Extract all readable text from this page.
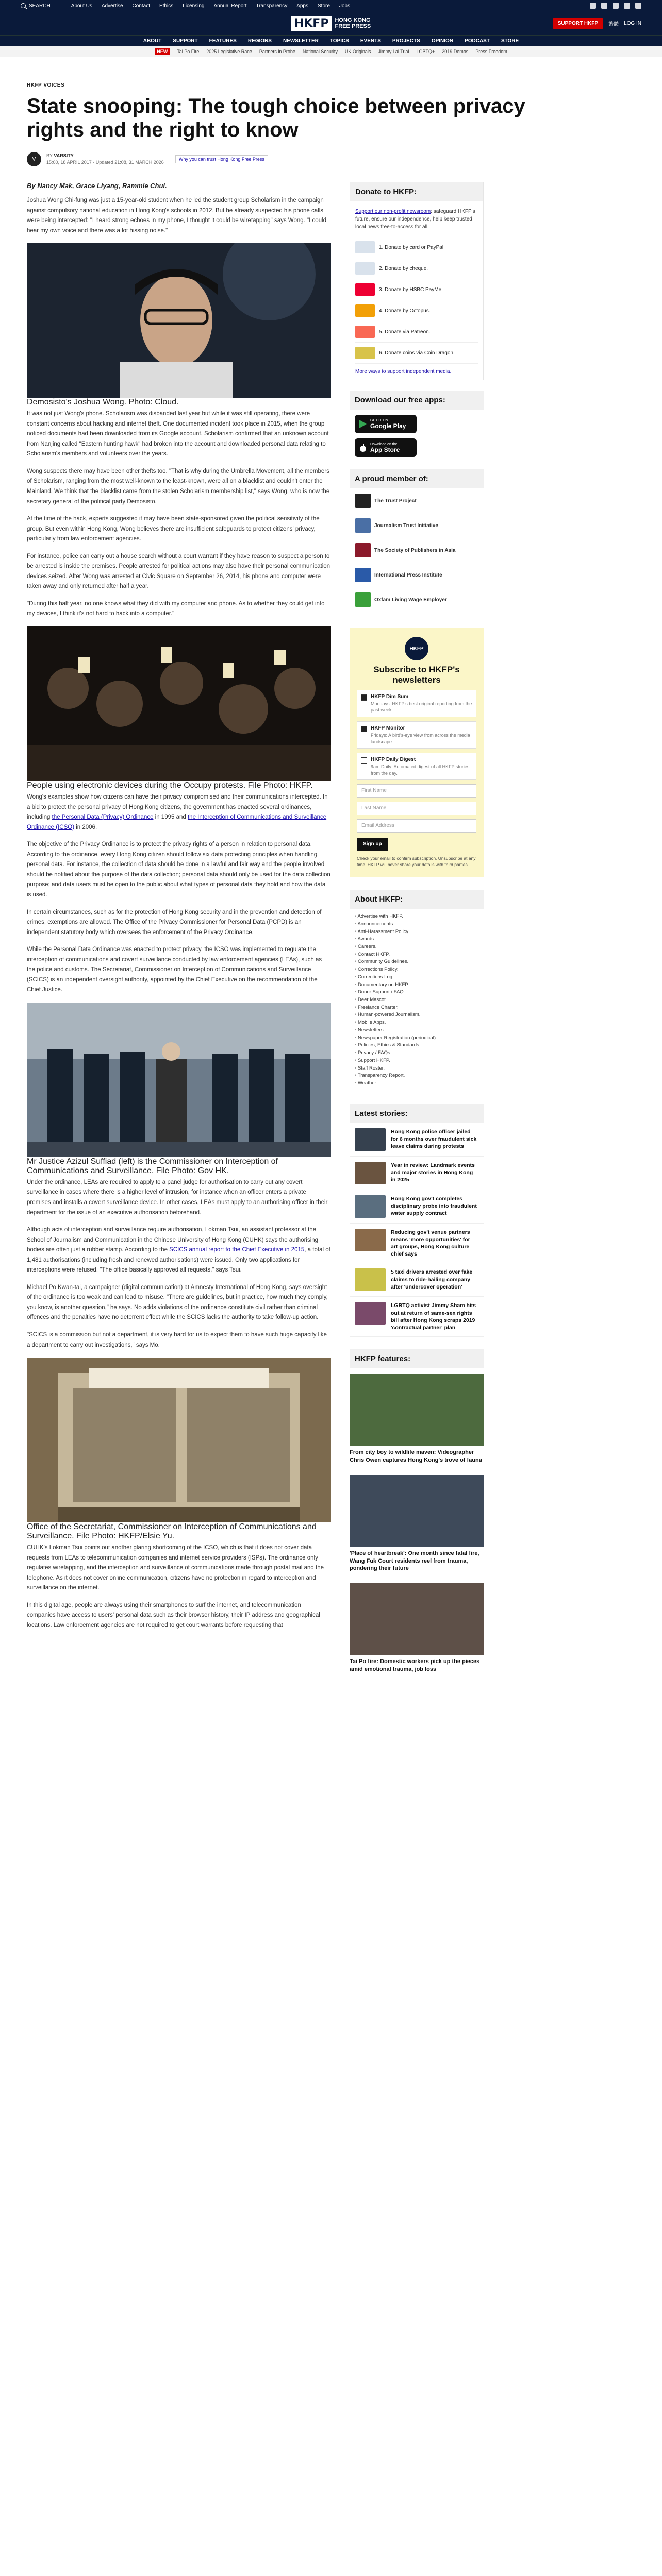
SEARCH	About Us Advertise Contact Ethics Licensing Annual Report Transparency Apps Store Jobs
HKFP	HONG KONG
FREE PRESS	SUPPORT HKFP	繁體 LOG IN
ABOUT SUPPORT FEATURES REGIONS NEWSLETTER TOPICS EVENTS PROJECTS OPINION PODCAST STORE
NEW	Tai Po Fire 2025 Legislative Race Partners in Probe National Security UK Originals Jimmy Lai Trial LGBTQ+ 2019 Demos Press Freedom
HKFP VOICES
State snooping: The tough choice between privacy rights and the right to know
V
BY VARSITY
15:00, 18 APRIL 2017 · Updated 21:08, 31 MARCH 2026
Why you can trust Hong Kong Free Press
By Nancy Mak, Grace Liyang, Rammie Chui.

Joshua Wong Chi-fung was just a 15-year-old student when he led the student group Scholarism in the campaign against compulsory national education in Hong Kong's schools in 2012. But he already suspected his phone calls were being intercepted: "I heard strong echoes in my phone, I thought it could be wiretapping" says Wong. "I could hear my own voice and there was a lot hissing noise."

Demosisto's Joshua Wong. Photo: Cloud.

It was not just Wong's phone. Scholarism was disbanded last year but while it was still operating, there were constant concerns about hacking and internet theft. One documented incident took place in 2015, when the group noticed documents had been downloaded from its Google account. Scholarism confirmed that an unknown account from Nanjing called "Eastern hunting hawk" had broken into the account and downloaded personal data relating to Scholarism's members and volunteers over the years.

Wong suspects there may have been other thefts too. "That is why during the Umbrella Movement, all the members of Scholarism, ranging from the most well-known to the least-known, were all on a blacklist and couldn't enter the Mainland. We think that the blacklist came from the stolen Scholarism membership list," says Wong, who is now the secretary general of the political party Demosisto.

At the time of the hack, experts suggested it may have been state-sponsored given the political sensitivity of the group. But even within Hong Kong, Wong believes there are insufficient safeguards to protect citizens' privacy, particularly from law enforcement agencies.

For instance, police can carry out a house search without a court warrant if they have reason to suspect a person to be arrested is inside the premises. People arrested for political actions may also have their personal communication devices seized. After Wong was arrested at Civic Square on September 26, 2014, his phone and computer were taken away and only returned after half a year.

"During this half year, no one knows what they did with my computer and phone. As to whether they could get into my devices, I think it's not hard to hack into a computer."

People using electronic devices during the Occupy protests. File Photo: HKFP.

Wong's examples show how citizens can have their privacy compromised and their communications intercepted. In a bid to protect the personal privacy of Hong Kong citizens, the government has enacted several ordinances, including the Personal Data (Privacy) Ordinance in 1995 and the Interception of Communications and Surveillance Ordinance (ICSO) in 2006.

The objective of the Privacy Ordinance is to protect the privacy rights of a person in relation to personal data. According to the ordinance, every Hong Kong citizen should follow six data protecting principles when handling personal data. For instance, the collection of data should be done in a lawful and fair way and the people involved should be notified about the purpose of the data collection; personal data should only be used for the data collection purpose; and data users must be open to the public about what types of personal data they hold and how the data is used.

In certain circumstances, such as for the protection of Hong Kong security and in the prevention and detection of crimes, exemptions are allowed. The Office of the Privacy Commissioner for Personal Data (PCPD) is an independent statutory body which oversees the enforcement of the Privacy Ordinance.

While the Personal Data Ordinance was enacted to protect privacy, the ICSO was implemented to regulate the interception of communications and covert surveillance conducted by law enforcement agencies (LEAs), such as the police and customs. The Secretariat, Commissioner on Interception of Communications and Surveillance (SCICS) is an independent oversight authority, appointed by the Chief Executive on the recommendation of the Chief Justice.

Mr Justice Azizul Suffiad (left) is the Commissioner on Interception of Communications and Surveillance. File Photo: Gov HK.

Under the ordinance, LEAs are required to apply to a panel judge for authorisation to carry out any covert surveillance in cases where there is a higher level of intrusion, for instance when an officer enters a private premises and installs a covert surveillance device. In other cases, LEAs must apply to an authorising officer in their department for the issue of an executive authorisation beforehand.

Although acts of interception and surveillance require authorisation, Lokman Tsui, an assistant professor at the School of Journalism and Communication in the Chinese University of Hong Kong (CUHK) says the authorising bodies are often just a rubber stamp. According to the SCICS annual report to the Chief Executive in 2015, a total of 1,481 authorisations (including fresh and renewed authorisations) were issued. Only two applications for interceptions were refused. "The office basically approved all requests," says Tsui.

Michael Po Kwan-tai, a campaigner (digital communication) at Amnesty International of Hong Kong, says oversight of the ordinance is too weak and can lead to misuse. "There are guidelines, but in practice, how much they comply, you know, is another question," he says. No adds violations of the ordinance constitute civil rather than criminal offences and the penalties have no deterrent effect while the SCICS lacks the authority to take follow-up action.

"SCICS is a commission but not a department, it is very hard for us to expect them to have such huge capacity like a department to carry out investigations," says Mo.

Office of the Secretariat, Commissioner on Interception of Communications and Surveillance. File Photo: HKFP/Elsie Yu.

CUHK's Lokman Tsui points out another glaring shortcoming of the ICSO, which is that it does not cover data requests from LEAs to telecommunication companies and internet service providers (ISPs). The ordinance only regulates wiretapping, and the interception and surveillance of communications made through postal mail and the telephone. As it does not cover online communication, citizens have no protection in regard to interception and surveillance on the internet.

In this digital age, people are always using their smartphones to surf the internet, and telecommunication companies have access to users' personal data such as their browser history, their IP address and geographical locations. Law enforcement agencies are not required to get court warrants before requesting that

Donate to HKFP:
Support our non-profit newsroom: safeguard HKFP's future, ensure our independence, help keep trusted local news free-to-access for all.
1. Donate by card or PayPal.
2. Donate by cheque.
3. Donate by HSBC PayMe.
4. Donate by Octopus.
5. Donate via Patreon.
6. Donate coins via Coin Dragon.
More ways to support independent media.
Download our free apps:
GET IT ON
Google Play
Download on the
App Store
A proud member of:
The Trust Project
Journalism Trust Initiative
The Society of Publishers in Asia
International Press Institute
Oxfam Living Wage Employer
HKFP
Subscribe to HKFP's newsletters
HKFP Dim Sum
Mondays: HKFP's best original reporting from the past week.
HKFP Monitor
Fridays: A bird's-eye view from across the media landscape.
HKFP Daily Digest
9am Daily: Automated digest of all HKFP stories from the day.
First Name
Last Name
Email Address
Sign up
Check your email to confirm subscription. Unsubscribe at any time. HKFP will never share your details with third parties.
About HKFP:
• Advertise with HKFP.
• Announcements.
• Anti-Harassment Policy.
• Awards.
• Careers.
• Contact HKFP.
• Community Guidelines.
• Corrections Policy.
• Corrections Log.
• Documentary on HKFP.
• Donor Support / FAQ.
• Deer Mascot.
• Freelance Charter.
• Human-powered Journalism.
• Mobile Apps.
• Newsletters.
• Newspaper Registration (periodical).
• Policies, Ethics & Standards.
• Privacy / FAQs.
• Support HKFP.
• Staff Roster.
• Transparency Report.
• Weather.
Latest stories:
Hong Kong police officer jailed for 6 months over fraudulent sick leave claims during protests
Year in review: Landmark events and major stories in Hong Kong in 2025
Hong Kong gov't completes disciplinary probe into fraudulent water supply contract
Reducing gov't venue partners means 'more opportunities' for art groups, Hong Kong culture chief says
5 taxi drivers arrested over fake claims to ride-hailing company after 'undercover operation'
LGBTQ activist Jimmy Sham hits out at return of same-sex rights bill after Hong Kong scraps 2019 'contractual partner' plan
HKFP features:
From city boy to wildlife maven: Videographer Chris Owen captures Hong Kong's trove of fauna
'Place of heartbreak': One month since fatal fire, Wang Fuk Court residents reel from trauma, pondering their future
Tai Po fire: Domestic workers pick up the pieces amid emotional trauma, job loss
